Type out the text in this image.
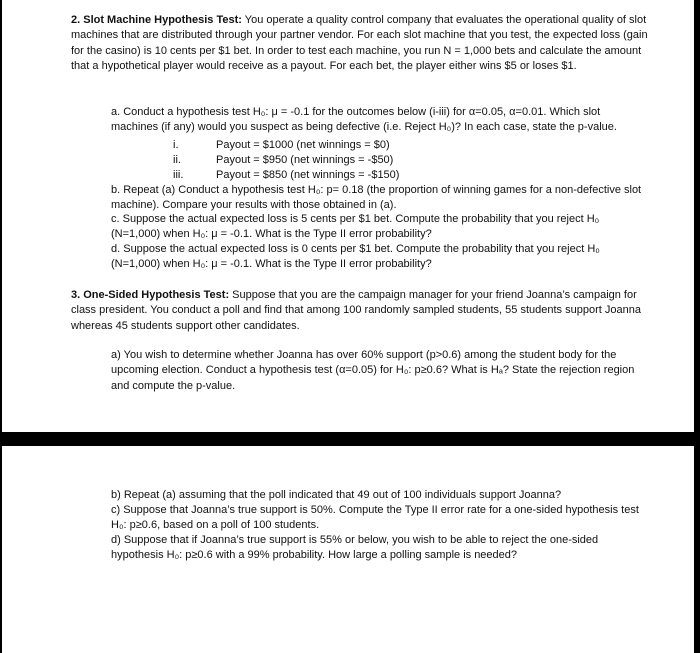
2. Slot Machine Hypothesis Test: You operate a quality control company that evaluates the operational quality of slot machines that are distributed through your partner vendor. For each slot machine that you test, the expected loss (gain for the casino) is 10 cents per $1 bet. In order to test each machine, you run N = 1,000 bets and calculate the amount that a hypothetical player would receive as a payout. For each bet, the player either wins $5 or loses $1.

a. Conduct a hypothesis test H₀: μ = -0.1 for the outcomes below (i-iii) for α=0.05, α=0.01. Which slot machines (if any) would you suspect as being defective (i.e. Reject H₀)? In each case, state the p-value.

i.	Payout = $1000 (net winnings = $0)
ii.	Payout = $950 (net winnings = -$50)
iii.	Payout = $850 (net winnings = -$150)

b. Repeat (a) Conduct a hypothesis test H₀: p= 0.18 (the proportion of winning games for a non-defective slot machine). Compare your results with those obtained in (a).

c. Suppose the actual expected loss is 5 cents per $1 bet. Compute the probability that you reject H₀ (N=1,000) when H₀: μ = -0.1. What is the Type II error probability?

d. Suppose the actual expected loss is 0 cents per $1 bet. Compute the probability that you reject H₀ (N=1,000) when H₀: μ = -0.1. What is the Type II error probability?

3. One-Sided Hypothesis Test: Suppose that you are the campaign manager for your friend Joanna’s campaign for class president. You conduct a poll and find that among 100 randomly sampled students, 55 students support Joanna whereas 45 students support other candidates.

a) You wish to determine whether Joanna has over 60% support (p>0.6) among the student body for the upcoming election. Conduct a hypothesis test (α=0.05) for H₀: p≥0.6? What is Hₐ? State the rejection region and compute the p-value.

b) Repeat (a) assuming that the poll indicated that 49 out of 100 individuals support Joanna?

c) Suppose that Joanna’s true support is 50%. Compute the Type II error rate for a one-sided hypothesis test H₀: p≥0.6, based on a poll of 100 students.

d) Suppose that if Joanna’s true support is 55% or below, you wish to be able to reject the one-sided hypothesis H₀: p≥0.6 with a 99% probability. How large a polling sample is needed?
